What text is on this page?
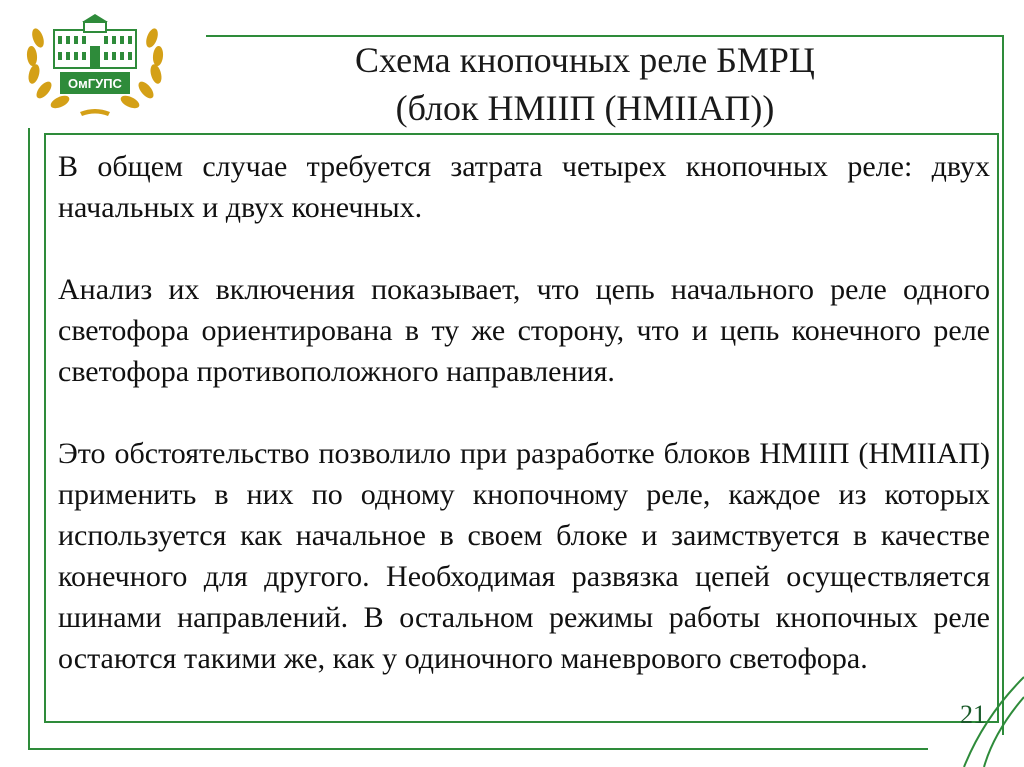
ОмГУПС
Схема кнопочных реле БМРЦ
(блок НМIIП (НМIIАП))

В общем случае требуется затрата четырех кнопочных реле: двух начальных и двух конечных.

Анализ их включения показывает, что цепь начального реле одного светофора ориентирована в ту же сторону, что и цепь конечного реле светофора противоположного направления.

Это обстоятельство позволило при разработке блоков НМIIП (НМIIАП) применить в них по одному кнопочному реле, каждое из которых используется как начальное в своем блоке и заимствуется в качестве конечного для другого. Необходимая развязка цепей осуществляется шинами направлений. В остальном режимы работы кнопочных реле остаются такими же, как у одиночного маневрового светофора.

21
